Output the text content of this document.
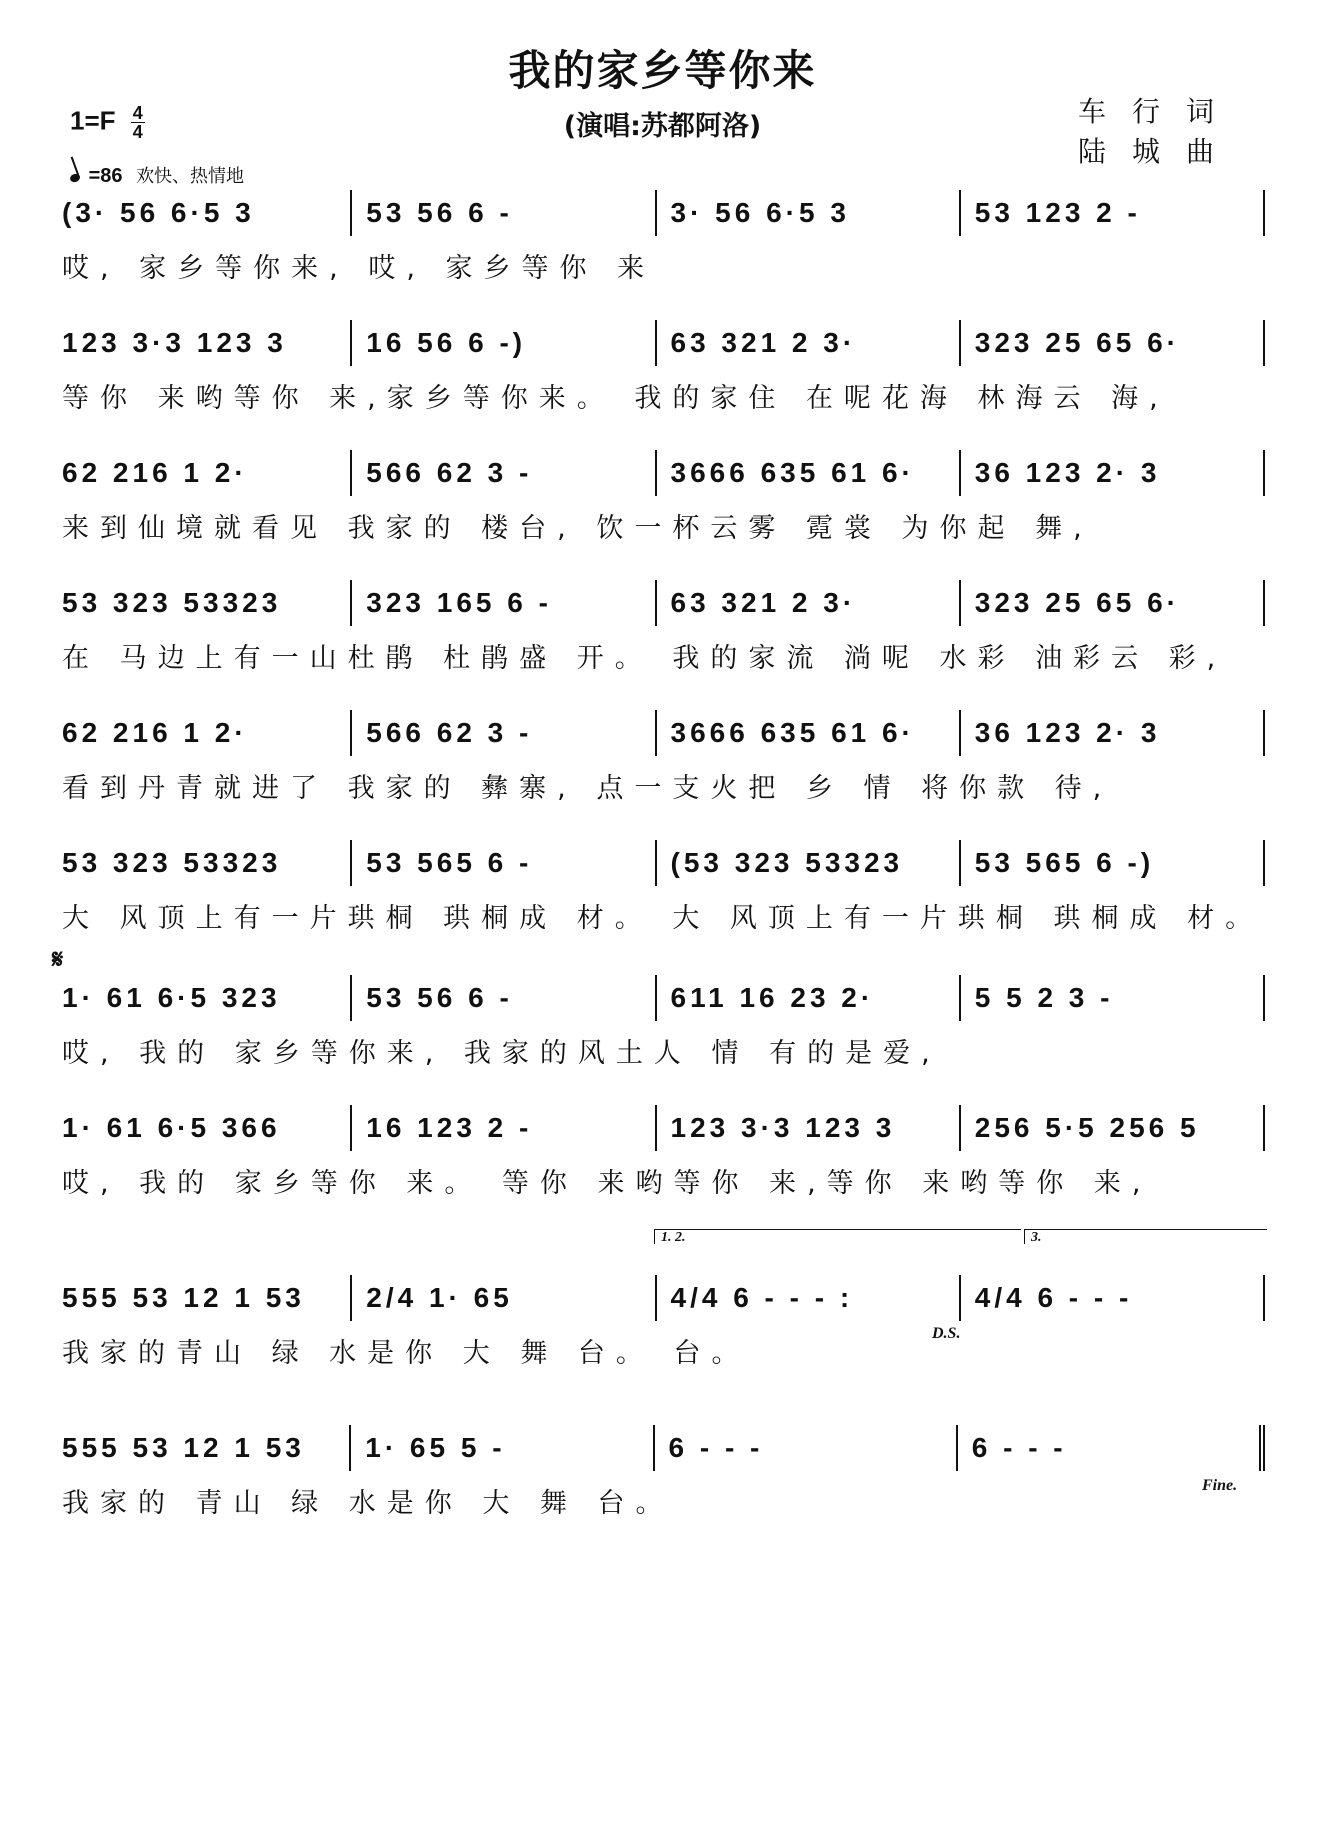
我的家乡等你来
(演唱:苏都阿洛)
$1=F \frac{4}{4}$
=86 欢快、热情地
车行词
陆城曲
(3· 56 6·5 3	53 56 6 -	3· 56 6·5 3	53 123 2 -
哎, 家乡等你来, 哎, 家乡等你 来
123 3·3 123 3	16 56 6 -)	63 321 2 3·	323 25 65 6·
等你 来哟等你 来,家乡等你来。 我的家住 在呢花海 林海云 海,
62 216 1 2·	566 62 3 -	3666 635 61 6·	36 123 2· 3
来到仙境就看见 我家的 楼台, 饮一杯云雾 霓裳 为你起 舞,
53 323 53323	323 165 6 -	63 321 2 3·	323 25 65 6·
在 马边上有一山杜鹃 杜鹃盛 开。 我的家流 淌呢 水彩 油彩云 彩,
62 216 1 2·	566 62 3 -	3666 635 61 6·	36 123 2· 3
看到丹青就进了 我家的 彝寨, 点一支火把 乡 情 将你款 待,
53 323 53323	53 565 6 -	(53 323 53323	53 565 6 -)
大 风顶上有一片珙桐 珙桐成 材。 大 风顶上有一片珙桐 珙桐成 材。
𝄋
1· 61 6·5 323	53 56 6 -	611 16 23 2·	5 5 2 3 -
哎, 我的 家乡等你来, 我家的风土人 情 有的是爱,
1· 61 6·5 366	16 123 2 -	123 3·3 123 3	256 5·5 256 5
哎, 我的 家乡等你 来。 等你 来哟等你 来,等你 来哟等你 来,
1. 2.	3.
555 53 12 1 53	2/4 1· 65	4/4 6 - - - :	4/4 6 - - -
D.S.
我家的青山 绿 水是你 大 舞 台。 台。
555 53 12 1 53	1· 65 5 -	6 - - -	6 - - -
Fine.
我家的 青山 绿 水是你 大 舞 台。
